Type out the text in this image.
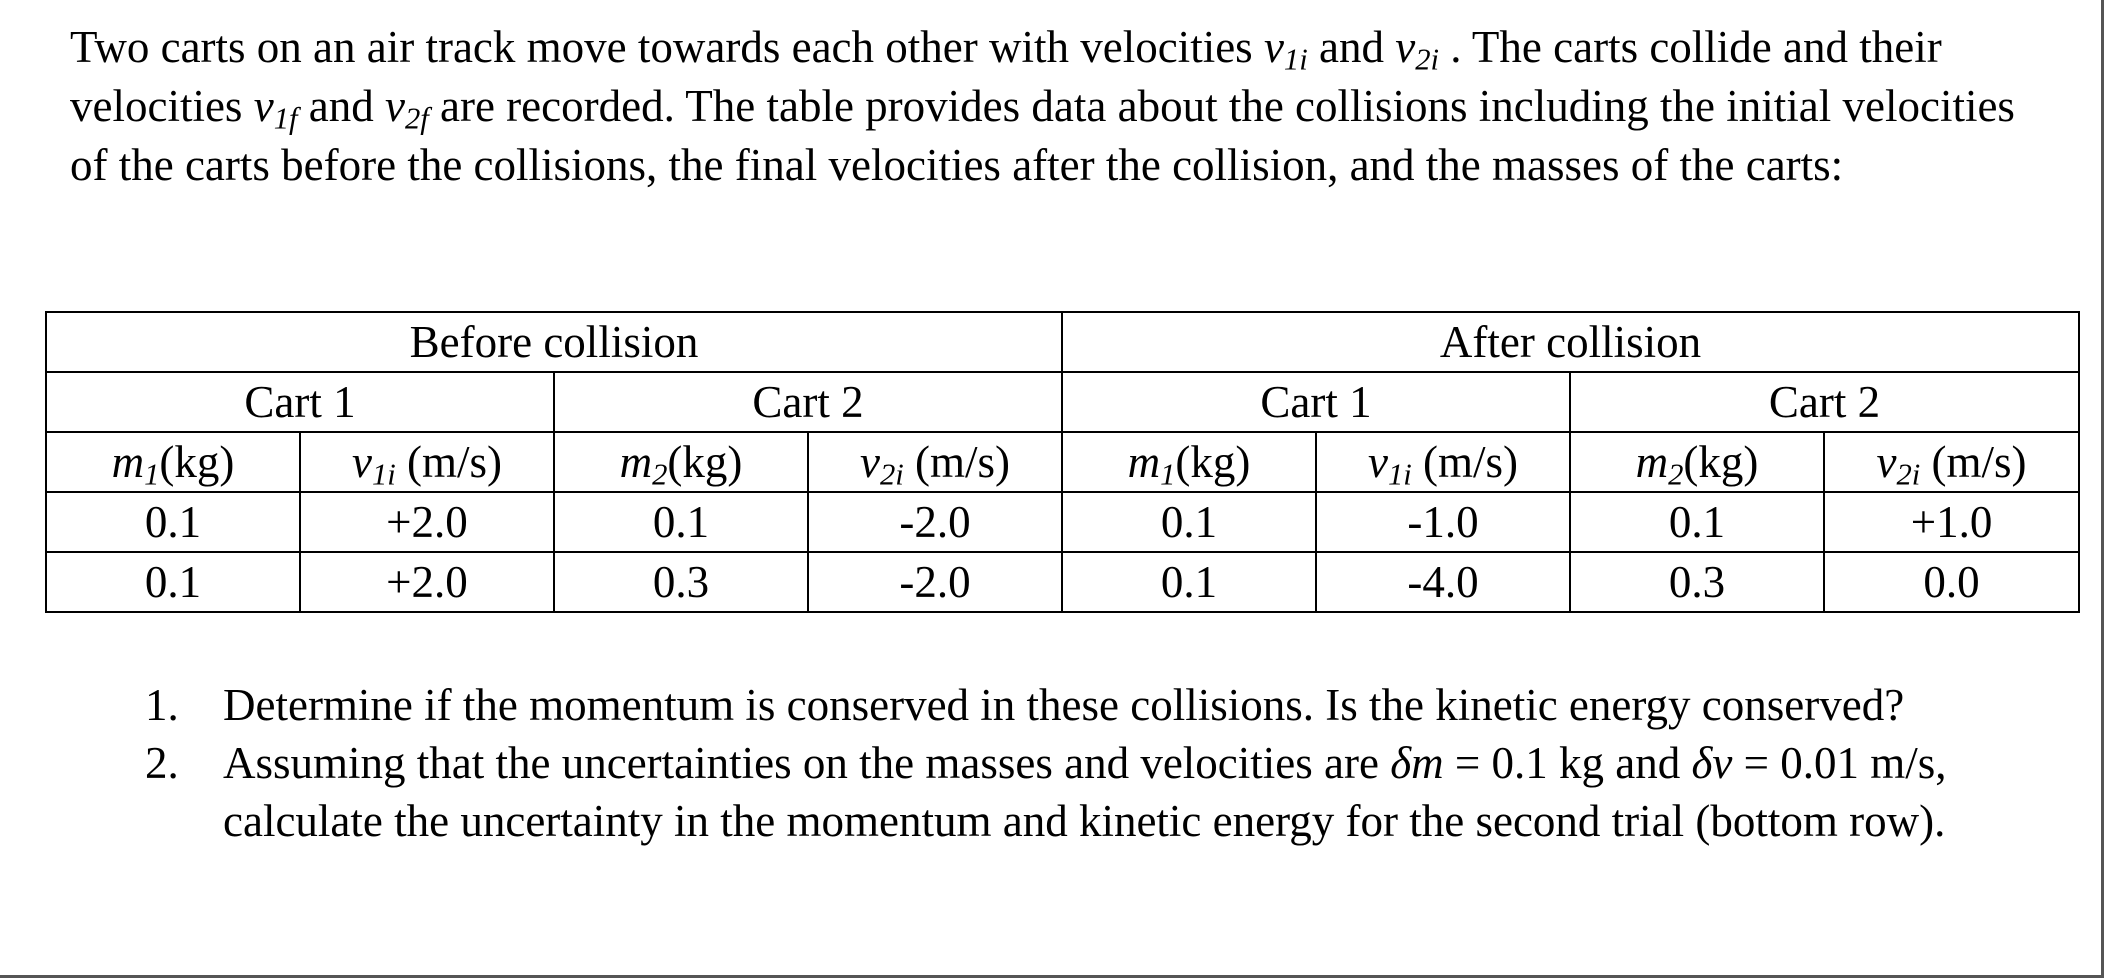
Two carts on an air track move towards each other with velocities $v_{1i}$ and $v_{2i}$ . The carts collide and their velocities $v_{1f}$ and $v_{2f}$ are recorded. The table provides data about the collisions including the initial velocities of the carts before the collisions, the final velocities after the collision, and the masses of the carts:

Before collision				After collision			
Cart 1		Cart 2		Cart 1		Cart 2	
$m_1(kg)$	$v_{1i}$ (m/s)	$m_2(kg)$	$v_{2i}$ (m/s)	$m_1(kg)$	$v_{1i}$ (m/s)	$m_2(kg)$	$v_{2i}$ (m/s)
0.1	+2.0	0.1	-2.0	0.1	-1.0	0.1	+1.0
0.1	+2.0	0.3	-2.0	0.1	-4.0	0.3	0.0
1. Determine if the momentum is conserved in these collisions. Is the kinetic energy conserved?
2. Assuming that the uncertainties on the masses and velocities are δm = 0.1 kg and δv = 0.01 m/s, calculate the uncertainty in the momentum and kinetic energy for the second trial (bottom row).
